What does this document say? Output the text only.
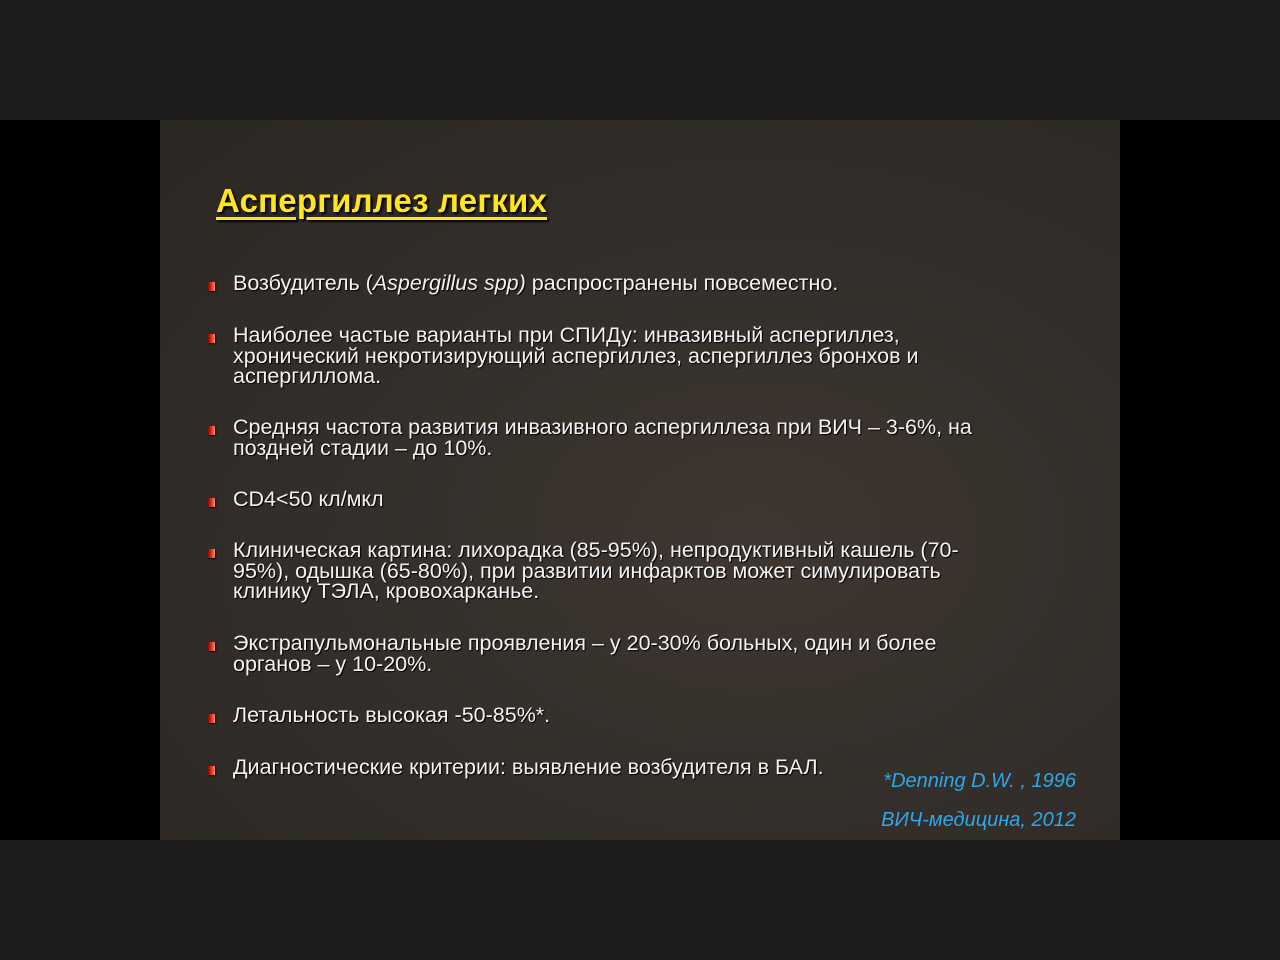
Аспергиллез легких
Возбудитель (Aspergillus spp) распространены повсеместно.
Наиболее частые варианты при СПИДу: инвазивный аспергиллез,
хронический некротизирующий аспергиллез, аспергиллез бронхов и
аспергиллома.
Средняя частота развития инвазивного аспергиллеза при ВИЧ – 3-6%, на
поздней стадии – до 10%.
CD4<50 кл/мкл
Клиническая картина: лихорадка (85-95%), непродуктивный кашель (70-
95%), одышка (65-80%), при развитии инфарктов может симулировать
клинику ТЭЛА, кровохарканье.
Экстрапульмональные проявления – у 20-30% больных, один и более
органов – у 10-20%.
Летальность высокая -50-85%*.
Диагностические критерии: выявление возбудителя в БАЛ.
*Denning D.W. , 1996
ВИЧ-медицина, 2012
